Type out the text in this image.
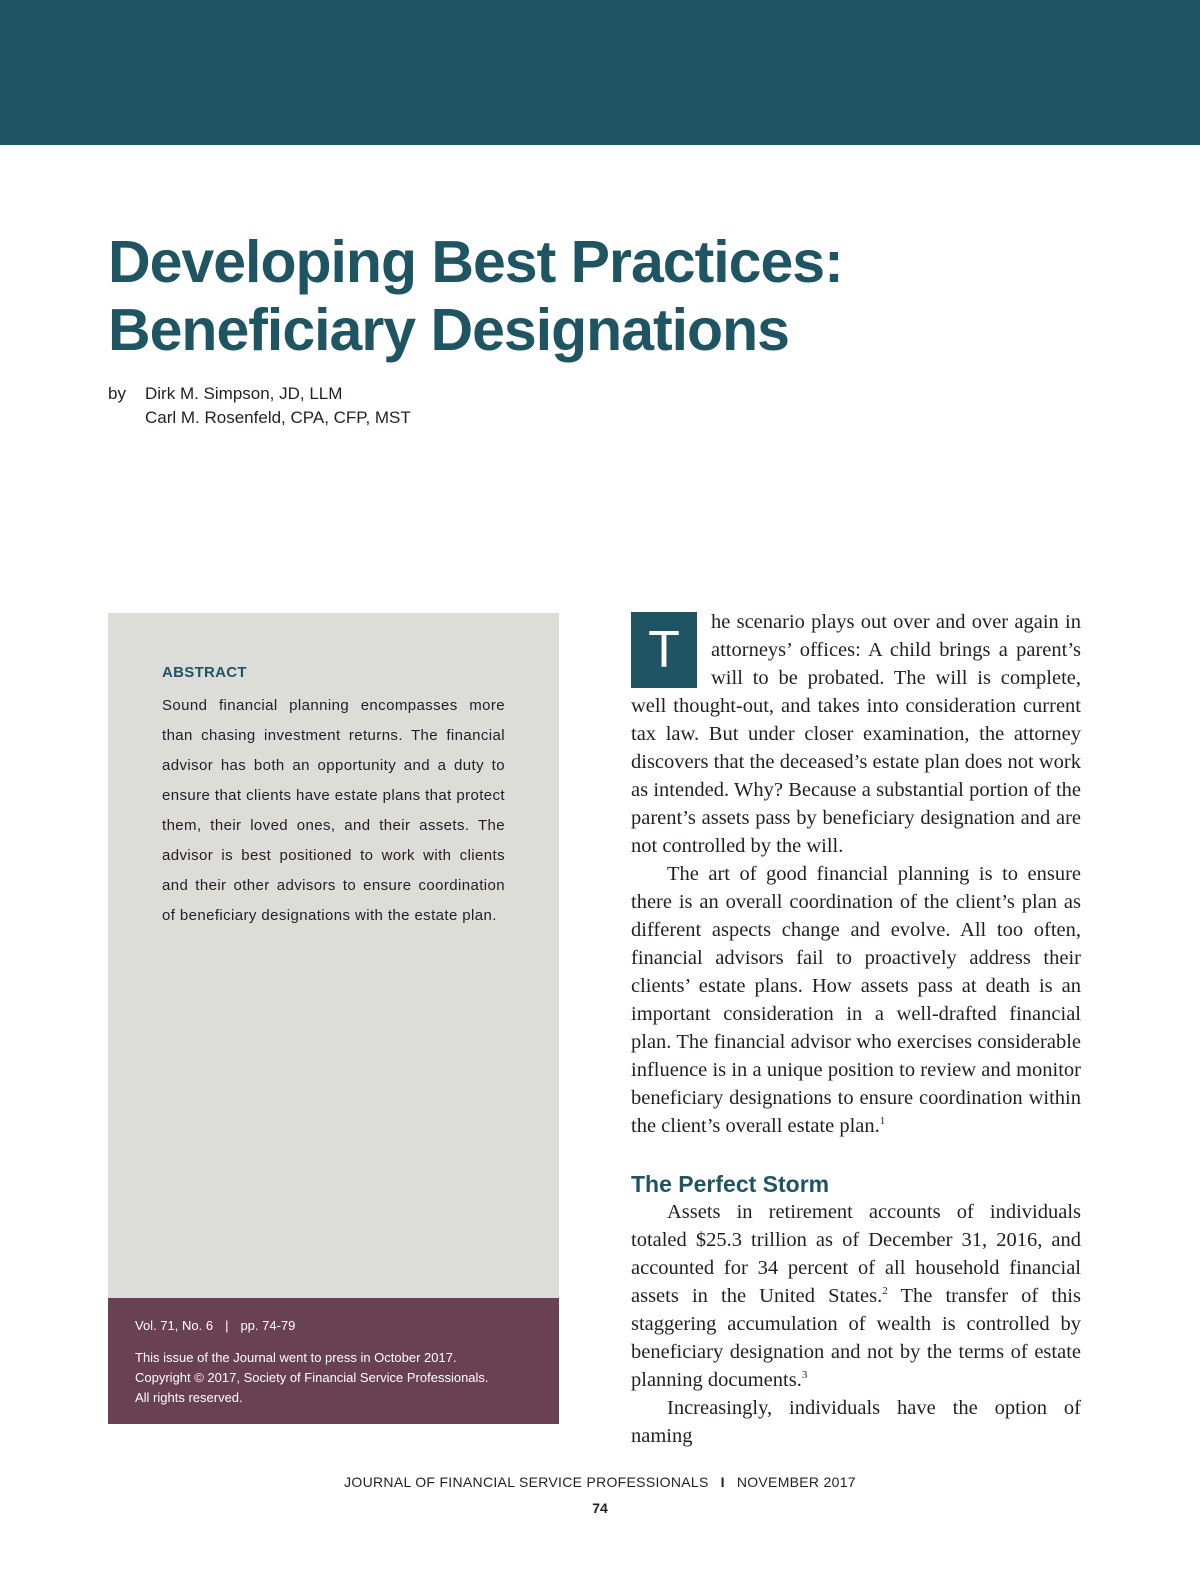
Developing Best Practices:
Beneficiary Designations
by Dirk M. Simpson, JD, LLM
Carl M. Rosenfeld, CPA, CFP, MST
ABSTRACT

Sound financial planning encompasses more than chasing investment returns. The financial advisor has both an opportunity and a duty to ensure that clients have estate plans that protect them, their loved ones, and their assets. The advisor is best positioned to work with clients and their other advisors to ensure coordination of beneficiary designations with the estate plan.

Vol. 71, No. 6 | pp. 74-79
This issue of the Journal went to press in October 2017.
Copyright © 2017, Society of Financial Service Professionals.
All rights reserved.

T	he scenario plays out over and over again in attorneys’ offices: A child brings a parent’s will to be probated. The will is complete, well thought-out, and takes into consideration current tax law. But under closer examination, the attorney discovers that the deceased’s estate plan does not work as intended. Why? Because a substantial portion of the parent’s assets pass by beneficiary designation and are not controlled by the will.

The art of good financial planning is to ensure there is an overall coordination of the client’s plan as different aspects change and evolve. All too often, financial advisors fail to proactively address their clients’ estate plans. How assets pass at death is an important consideration in a well-drafted financial plan. The financial advisor who exercises considerable influence is in a unique position to review and monitor beneficiary designations to ensure coordination within the client’s overall estate plan.$^1$

The Perfect Storm

Assets in retirement accounts of individuals totaled $25.3 trillion as of December 31, 2016, and accounted for 34 percent of all household financial assets in the United States.$^2$ The transfer of this staggering accumulation of wealth is controlled by beneficiary designation and not by the terms of estate planning documents.$^3$

Increasingly, individuals have the option of naming

JOURNAL OF FINANCIAL SERVICE PROFESSIONALS I NOVEMBER 2017
74
